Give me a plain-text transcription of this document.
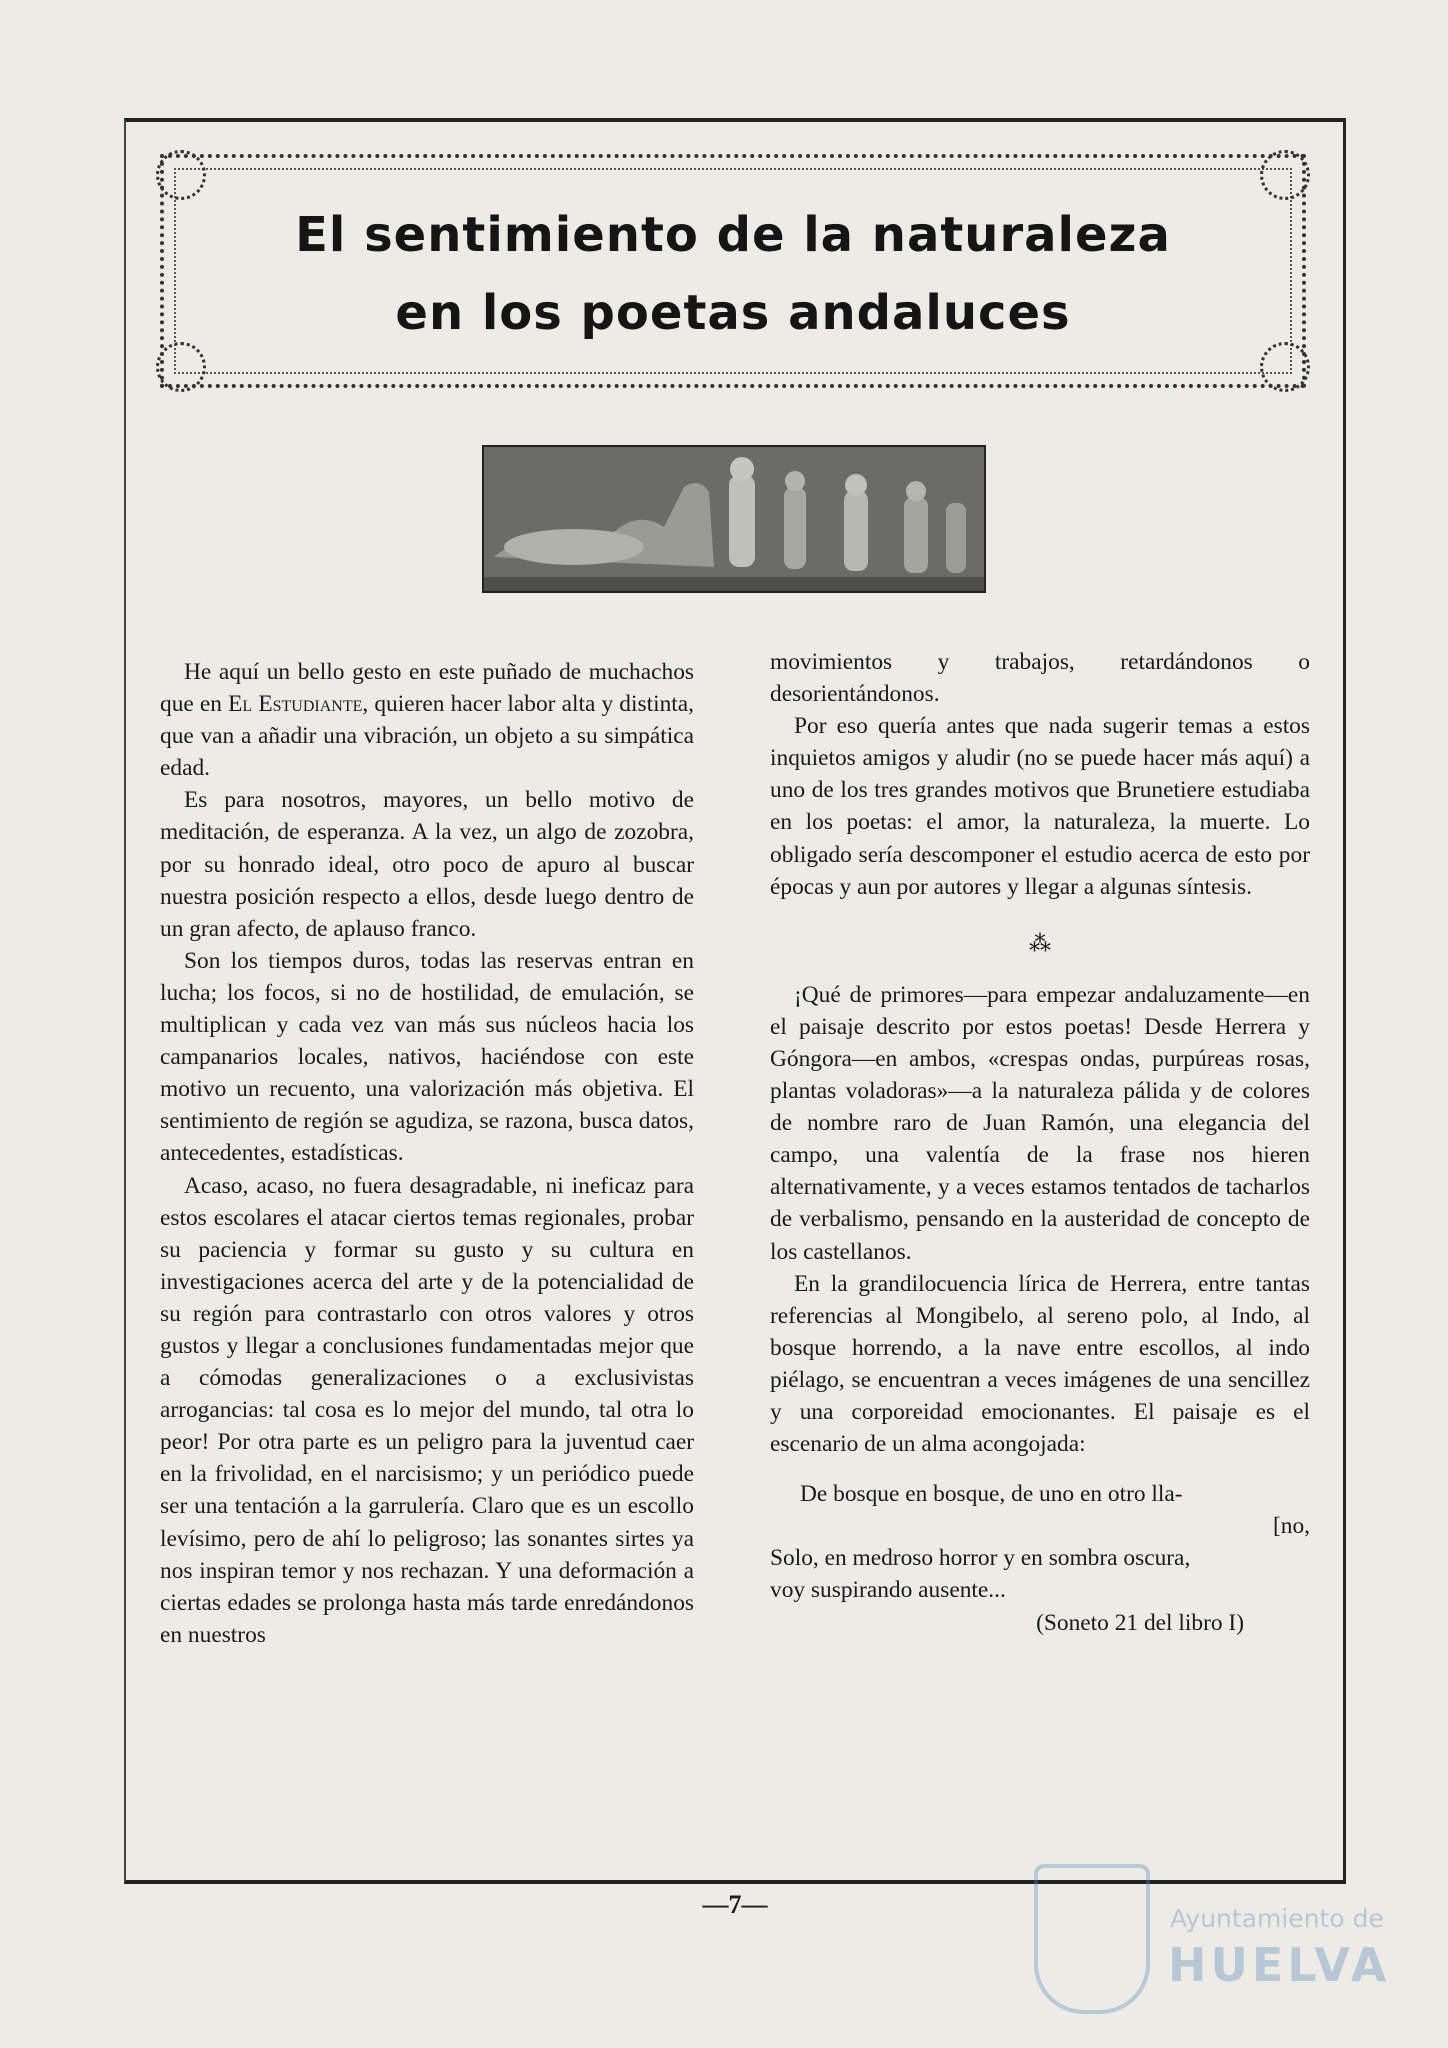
El sentimiento de la naturaleza
en los poetas andaluces

He aquí un bello gesto en este puñado de muchachos que en El Estudiante, quieren hacer labor alta y distinta, que van a añadir una vibración, un objeto a su simpática edad.

Es para nosotros, mayores, un bello motivo de meditación, de esperanza. A la vez, un algo de zozobra, por su honrado ideal, otro poco de apuro al buscar nuestra posición respecto a ellos, desde luego dentro de un gran afecto, de aplauso franco.

Son los tiempos duros, todas las reservas entran en lucha; los focos, si no de hostilidad, de emulación, se multiplican y cada vez van más sus núcleos hacia los campanarios locales, nativos, haciéndose con este motivo un recuento, una valorización más objetiva. El sentimiento de región se agudiza, se razona, busca datos, antecedentes, estadísticas.

Acaso, acaso, no fuera desagradable, ni ineficaz para estos escolares el atacar ciertos temas regionales, probar su paciencia y formar su gusto y su cultura en investigaciones acerca del arte y de la potencialidad de su región para contrastarlo con otros valores y otros gustos y llegar a conclusiones fundamentadas mejor que a cómodas generalizaciones o a exclusivistas arrogancias: tal cosa es lo mejor del mundo, tal otra lo peor! Por otra parte es un peligro para la juventud caer en la frivolidad, en el narcisismo; y un periódico puede ser una tentación a la garrulería. Claro que es un escollo levísimo, pero de ahí lo peligroso; las sonantes sirtes ya nos inspiran temor y nos rechazan. Y una deformación a ciertas edades se prolonga hasta más tarde enredándonos en nuestros

movimientos y trabajos, retardándonos o desorientándonos.

Por eso quería antes que nada sugerir temas a estos inquietos amigos y aludir (no se puede hacer más aquí) a uno de los tres grandes motivos que Brunetiere estudiaba en los poetas: el amor, la naturaleza, la muerte. Lo obligado sería descomponer el estudio acerca de esto por épocas y aun por autores y llegar a algunas síntesis.

⁂

¡Qué de primores—para empezar andaluzamente—en el paisaje descrito por estos poetas! Desde Herrera y Góngora—en ambos, «crespas ondas, purpúreas rosas, plantas voladoras»—a la naturaleza pálida y de colores de nombre raro de Juan Ramón, una elegancia del campo, una valentía de la frase nos hieren alternativamente, y a veces estamos tentados de tacharlos de verbalismo, pensando en la austeridad de concepto de los castellanos.

En la grandilocuencia lírica de Herrera, entre tantas referencias al Mongibelo, al sereno polo, al Indo, al bosque horrendo, a la nave entre escollos, al indo piélago, se encuentran a veces imágenes de una sencillez y una corporeidad emocionantes. El paisaje es el escenario de un alma acongojada:

De bosque en bosque, de uno en otro lla-

[no,

Solo, en medroso horror y en sombra oscura,

voy suspirando ausente...

(Soneto 21 del libro I)

—7—	Ayuntamiento de
HUELVA
